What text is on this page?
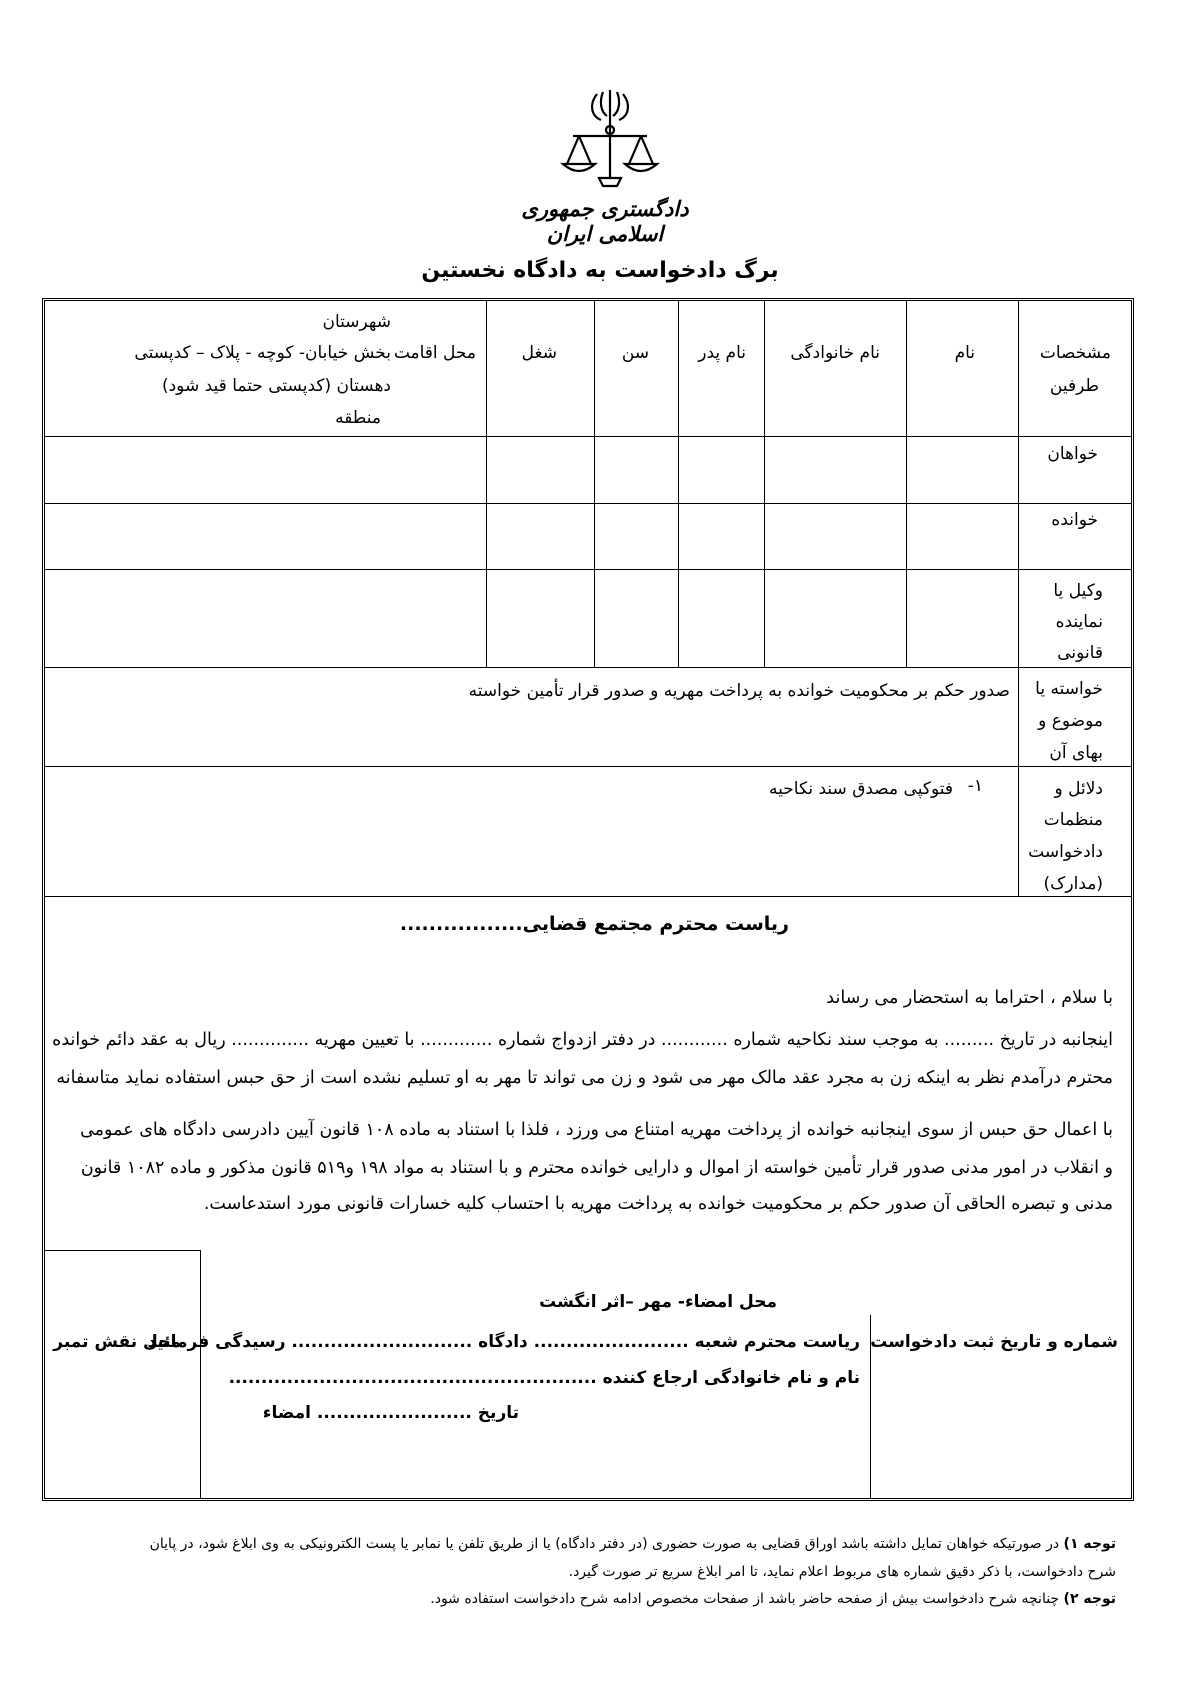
دادگستری جمهوری اسلامی ایران
برگ دادخواست به دادگاه نخستین
مشخصات
طرفین
نام
نام خانوادگی
نام پدر
سن
شغل
محل اقامت
شهرستان
بخش خیابان- کوچه - پلاک – کدپستی
دهستان (کدپستی حتما قید شود)
منطقه
خواهان
خوانده
وکیل یا
نماینده
قانونی
خواسته یا
موضوع و
بهای آن
صدور حکم بر محکومیت خوانده به پرداخت مهریه و صدور قرار تأمین خواسته
دلائل و
منظمات
دادخواست
(مدارک)
۱-
فتوکپی مصدق سند نکاحیه
ریاست محترم مجتمع قضایی.................
با سلام ، احتراما به استحضار می رساند
اینجانبه در تاریخ ......... به موجب سند نکاحیه شماره ............ در دفتر ازدواج شماره ............. با تعیین مهریه .............. ریال به عقد دائم خوانده
محترم درآمدم نظر به اینکه زن به مجرد عقد مالک مهر می شود و زن می تواند تا مهر به او تسلیم نشده است از حق حبس استفاده نماید متاسفانه
با اعمال حق حبس از سوی اینجانبه خوانده از پرداخت مهریه امتناع می ورزد ، فلذا با استناد به ماده ۱۰۸ قانون آیین دادرسی دادگاه های عمومی
و انقلاب در امور مدنی صدور قرار تأمین خواسته از اموال و دارایی خوانده محترم و با استناد به مواد ۱۹۸ و۵۱۹ قانون مذکور و ماده ۱۰۸۲ قانون
مدنی و تبصره الحاقی آن صدور حکم بر محکومیت خوانده به پرداخت مهریه با احتساب کلیه خسارات قانونی مورد استدعاست.
محل امضاء- مهر –اثر انگشت
شماره و تاریخ ثبت دادخواست
ریاست محترم شعبه ........................ دادگاه ............................ رسیدگی فرمائید
نام و نام خانوادگی ارجاع کننده .........................................................
تاریخ ........................ امضاء
محل نقش تمبر
توجه ۱) در صورتیکه خواهان تمایل داشته باشد اوراق قضایی به صورت حضوری (در دفتر دادگاه) یا از طریق تلفن یا نمابر یا پست الکترونیکی به وی ابلاغ شود، در پایان
شرح دادخواست، با ذکر دقیق شماره های مربوط اعلام نماید، تا امر ابلاغ سریع تر صورت گیرد.
توجه ۲) چنانچه شرح دادخواست بیش از صفحه حاضر باشد از صفحات مخصوص ادامه شرح دادخواست استفاده شود.
